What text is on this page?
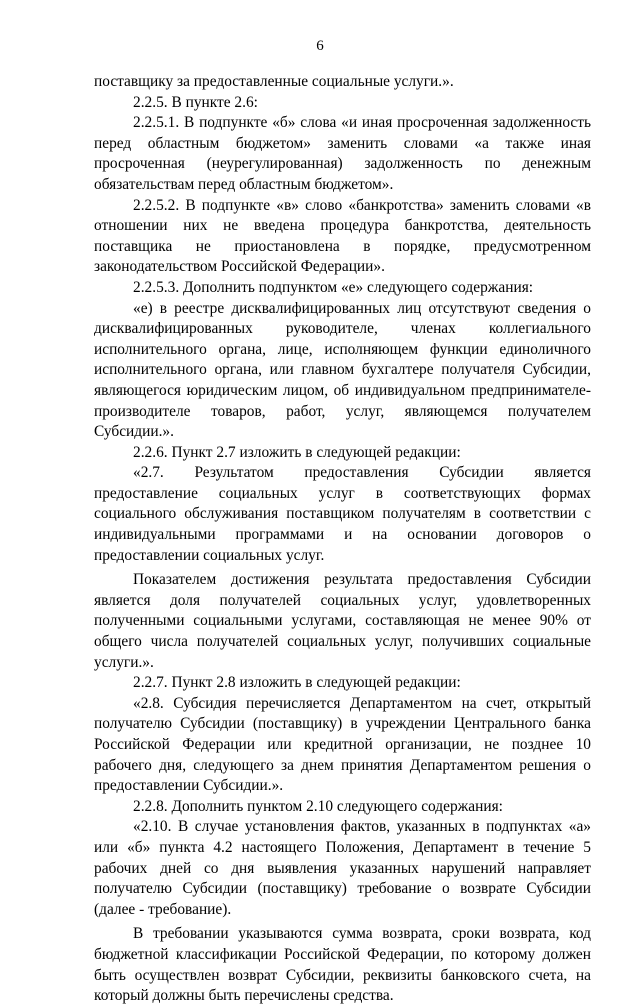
6

поставщику за предоставленные социальные услуги.».

2.2.5. В пункте 2.6:

2.2.5.1. В подпункте «б» слова «и иная просроченная задолженность перед областным бюджетом» заменить словами «а также иная просроченная (неурегулированная) задолженность по денежным обязательствам перед областным бюджетом».

2.2.5.2. В подпункте «в» слово «банкротства» заменить словами «в отношении них не введена процедура банкротства, деятельность поставщика не приостановлена в порядке, предусмотренном законодательством Российской Федерации».

2.2.5.3. Дополнить подпунктом «е» следующего содержания:

«е) в реестре дисквалифицированных лиц отсутствуют сведения о дисквалифицированных руководителе, членах коллегиального исполнительного органа, лице, исполняющем функции единоличного исполнительного органа, или главном бухгалтере получателя Субсидии, являющегося юридическим лицом, об индивидуальном предпринимателе-производителе товаров, работ, услуг, являющемся получателем Субсидии.».

2.2.6. Пункт 2.7 изложить в следующей редакции:

«2.7. Результатом предоставления Субсидии является предоставление социальных услуг в соответствующих формах социального обслуживания поставщиком получателям в соответствии с индивидуальными программами и на основании договоров о предоставлении социальных услуг.

Показателем достижения результата предоставления Субсидии является доля получателей социальных услуг, удовлетворенных полученными социальными услугами, составляющая не менее 90% от общего числа получателей социальных услуг, получивших социальные услуги.».

2.2.7. Пункт 2.8 изложить в следующей редакции:

«2.8. Субсидия перечисляется Департаментом на счет, открытый получателю Субсидии (поставщику) в учреждении Центрального банка Российской Федерации или кредитной организации, не позднее 10 рабочего дня, следующего за днем принятия Департаментом решения о предоставлении Субсидии.».

2.2.8. Дополнить пунктом 2.10 следующего содержания:

«2.10. В случае установления фактов, указанных в подпунктах «а» или «б» пункта 4.2 настоящего Положения, Департамент в течение 5 рабочих дней со дня выявления указанных нарушений направляет получателю Субсидии (поставщику) требование о возврате Субсидии (далее - требование).

В требовании указываются сумма возврата, сроки возврата, код бюджетной классификации Российской Федерации, по которому должен быть осуществлен возврат Субсидии, реквизиты банковского счета, на который должны быть перечислены средства.
